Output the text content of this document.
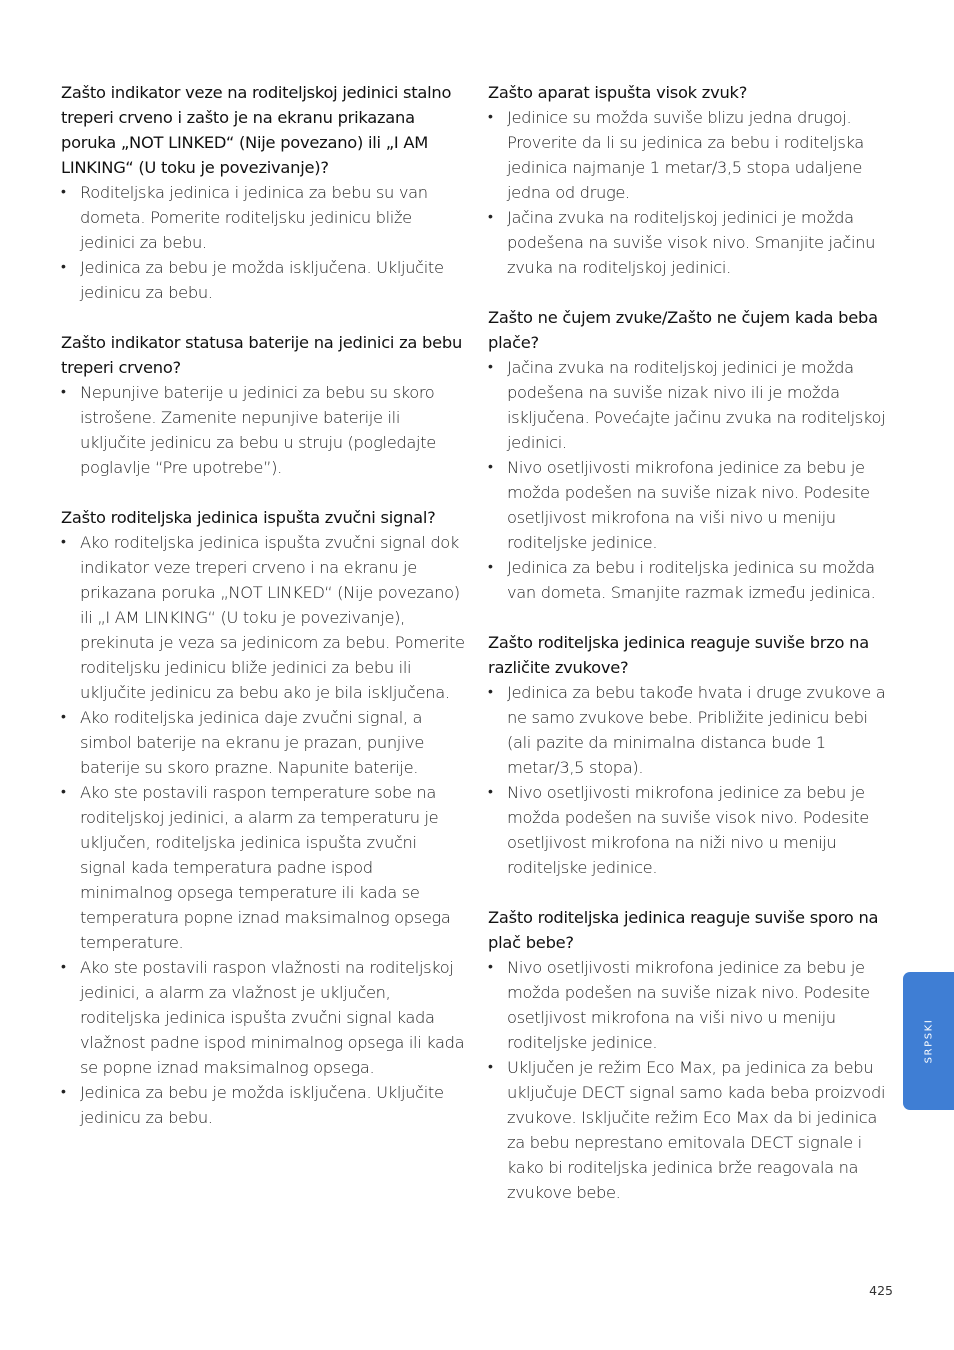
Zašto indikator veze na roditeljskoj jedinici stalno treperi crveno i zašto je na ekranu prikazana poruka „NOT LINKED“ (Nije povezano) ili „I AM LINKING“ (U toku je povezivanje)?
• Roditeljska jedinica i jedinica za bebu su van dometa. Pomerite roditeljsku jedinicu bliže jedinici za bebu.
• Jedinica za bebu je možda isključena. Uključite jedinicu za bebu.
Zašto indikator statusa baterije na jedinici za bebu treperi crveno?
• Nepunjive baterije u jedinici za bebu su skoro istrošene. Zamenite nepunjive baterije ili uključite jedinicu za bebu u struju (pogledajte poglavlje “Pre upotrebe”).
Zašto roditeljska jedinica ispušta zvučni signal?
• Ako roditeljska jedinica ispušta zvučni signal dok indikator veze treperi crveno i na ekranu je prikazana poruka „NOT LINKED“ (Nije povezano) ili „I AM LINKING“ (U toku je povezivanje), prekinuta je veza sa jedinicom za bebu. Pomerite roditeljsku jedinicu bliže jedinici za bebu ili uključite jedinicu za bebu ako je bila isključena.
• Ako roditeljska jedinica daje zvučni signal, a simbol baterije na ekranu je prazan, punjive baterije su skoro prazne. Napunite baterije.
• Ako ste postavili raspon temperature sobe na roditeljskoj jedinici, a alarm za temperaturu je uključen, roditeljska jedinica ispušta zvučni signal kada temperatura padne ispod minimalnog opsega temperature ili kada se temperatura popne iznad maksimalnog opsega temperature.
• Ako ste postavili raspon vlažnosti na roditeljskoj jedinici, a alarm za vlažnost je uključen, roditeljska jedinica ispušta zvučni signal kada vlažnost padne ispod minimalnog opsega ili kada se popne iznad maksimalnog opsega.
• Jedinica za bebu je možda isključena. Uključite jedinicu za bebu.
Zašto aparat ispušta visok zvuk?
• Jedinice su možda suviše blizu jedna drugoj. Proverite da li su jedinica za bebu i roditeljska jedinica najmanje 1 metar/3,5 stopa udaljene jedna od druge.
• Jačina zvuka na roditeljskoj jedinici je možda podešena na suviše visok nivo. Smanjite jačinu zvuka na roditeljskoj jedinici.
Zašto ne čujem zvuke/Zašto ne čujem kada beba plače?
• Jačina zvuka na roditeljskoj jedinici je možda podešena na suviše nizak nivo ili je možda isključena. Povećajte jačinu zvuka na roditeljskoj jedinici.
• Nivo osetljivosti mikrofona jedinice za bebu je možda podešen na suviše nizak nivo. Podesite osetljivost mikrofona na viši nivo u meniju roditeljske jedinice.
• Jedinica za bebu i roditeljska jedinica su možda van dometa. Smanjite razmak između jedinica.
Zašto roditeljska jedinica reaguje suviše brzo na različite zvukove?
• Jedinica za bebu takođe hvata i druge zvukove a ne samo zvukove bebe. Približite jedinicu bebi (ali pazite da minimalna distanca bude 1 metar/3,5 stopa).
• Nivo osetljivosti mikrofona jedinice za bebu je možda podešen na suviše visok nivo. Podesite osetljivost mikrofona na niži nivo u meniju roditeljske jedinice.
Zašto roditeljska jedinica reaguje suviše sporo na plač bebe?
• Nivo osetljivosti mikrofona jedinice za bebu je možda podešen na suviše nizak nivo. Podesite osetljivost mikrofona na viši nivo u meniju roditeljske jedinice.
• Uključen je režim Eco Max, pa jedinica za bebu uključuje DECT signal samo kada beba proizvodi zvukove. Isključite režim Eco Max da bi jedinica za bebu neprestano emitovala DECT signale i kako bi roditeljska jedinica brže reagovala na zvukove bebe.
SRPSKI
425
